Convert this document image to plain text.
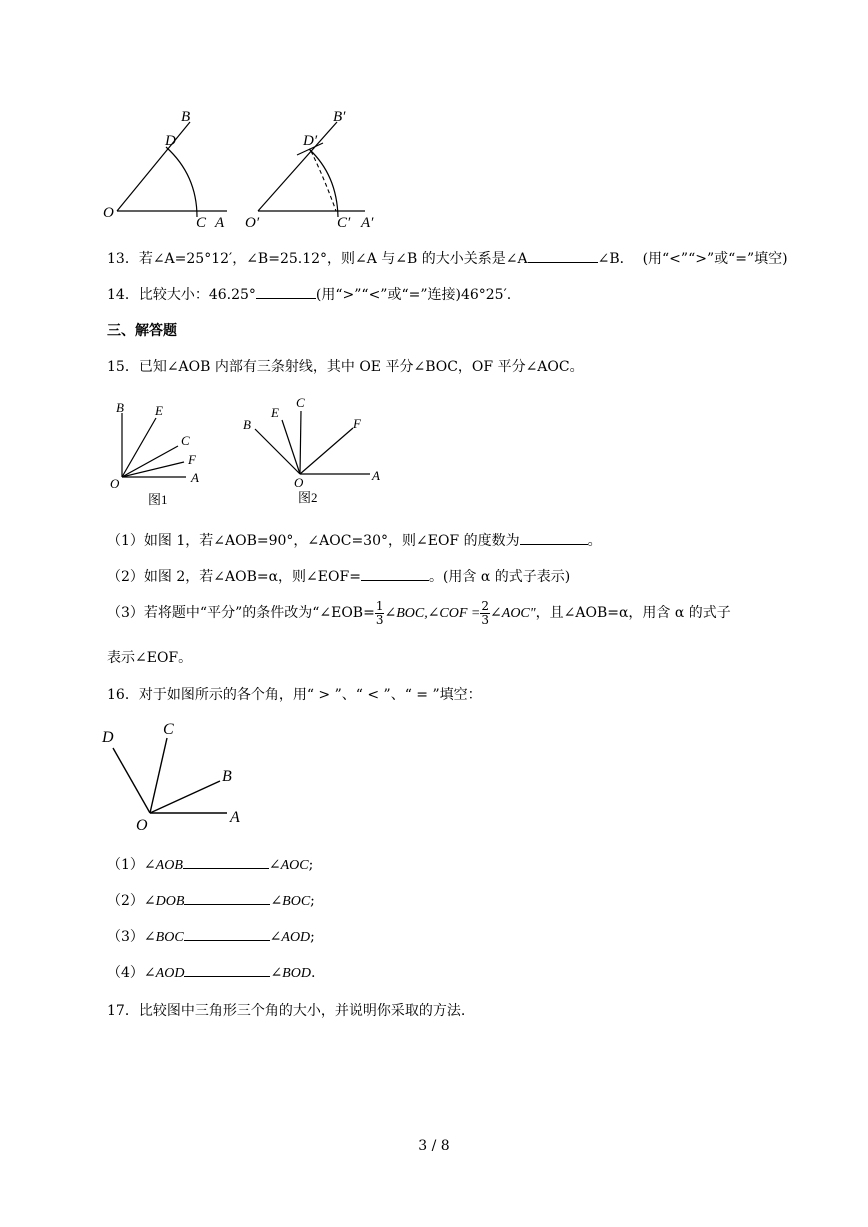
B
D
O
C A
B′
D′
O′	C′ A′
13．若∠A=25°12′，∠B=25.12°，则∠A 与∠B 的大小关系是∠A	∠B． (用“<”“>”或“=”填空)
14．比较大小：46.25°	(用“>”“<”或“=”连接)46°25′.
三、解答题
15．已知∠AOB 内部有三条射线，其中 OE 平分∠BOC，OF 平分∠AOC。
B E
C
F
O	A
图1
B
E
C
F
O	A
图2
（1）如图 1，若∠AOB=90°，∠AOC=30°，则∠EOF 的度数为	。
（2）如图 2，若∠AOB=α，则∠EOF=	。(用含 α 的式子表示)
（3）若将题中“平分”的条件改为“∠EOB= $\frac{1}{3}$ ∠BOC,∠COF = $\frac{2}{3}$ ∠AOC"，且∠AOB=α，用含 α 的式子
表示∠EOF。
16．对于如图所示的各个角，用“ > ”、“ < ”、“ = ”填空：
D	C
B
O	A
（1）∠AOB	∠AOC;
（2）∠DOB	∠BOC;
（3）∠BOC	∠AOD;
（4）∠AOD	∠BOD.
17．比较图中三角形三个角的大小，并说明你采取的方法.
3 / 8
